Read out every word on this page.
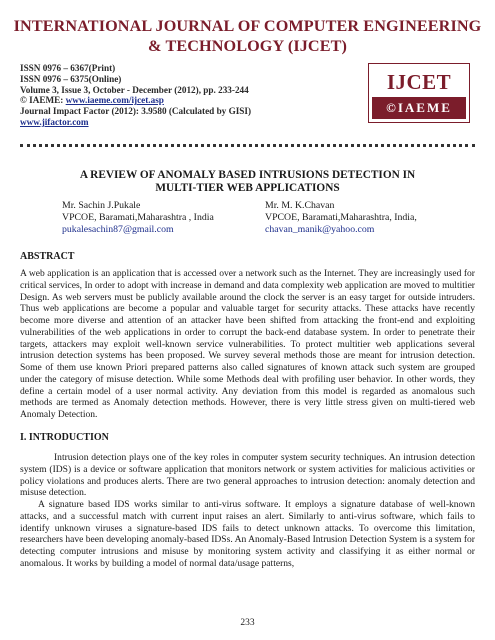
INTERNATIONAL JOURNAL OF COMPUTER ENGINEERING
& TECHNOLOGY (IJCET)
ISSN 0976 – 6367(Print)
ISSN 0976 – 6375(Online)
Volume 3, Issue 3, October - December (2012), pp. 233-244
© IAEME: www.iaeme.com/ijcet.asp
Journal Impact Factor (2012): 3.9580 (Calculated by GISI)
www.jifactor.com
IJCET
©IAEME
A REVIEW OF ANOMALY BASED INTRUSIONS DETECTION IN
MULTI-TIER WEB APPLICATIONS
Mr. Sachin J.Pukale
VPCOE, Baramati,Maharashtra , India
pukalesachin87@gmail.com
Mr. M. K.Chavan
VPCOE, Baramati,Maharashtra, India,
chavan_manik@yahoo.com
ABSTRACT
A web application is an application that is accessed over a network such as the Internet. They are increasingly used for critical services, In order to adopt with increase in demand and data complexity web application are moved to multitier Design. As web servers must be publicly available around the clock the server is an easy target for outside intruders. Thus web applications are become a popular and valuable target for security attacks. These attacks have recently become more diverse and attention of an attacker have been shifted from attacking the front-end and exploiting vulnerabilities of the web applications in order to corrupt the back-end database system. In order to penetrate their targets, attackers may exploit well-known service vulnerabilities. To protect multitier web applications several intrusion detection systems has been proposed. We survey several methods those are meant for intrusion detection. Some of them use known Priori prepared patterns also called signatures of known attack such system are grouped under the category of misuse detection. While some Methods deal with profiling user behavior. In other words, they define a certain model of a user normal activity. Any deviation from this model is regarded as anomalous such methods are termed as Anomaly detection methods. However, there is very little stress given on multi-tiered web Anomaly Detection.
I. INTRODUCTION

Intrusion detection plays one of the key roles in computer system security techniques. An intrusion detection system (IDS) is a device or software application that monitors network or system activities for malicious activities or policy violations and produces alerts. There are two general approaches to intrusion detection: anomaly detection and misuse detection.

A signature based IDS works similar to anti-virus software. It employs a signature database of well-known attacks, and a successful match with current input raises an alert. Similarly to anti-virus software, which fails to identify unknown viruses a signature-based IDS fails to detect unknown attacks. To overcome this limitation, researchers have been developing anomaly-based IDSs. An Anomaly-Based Intrusion Detection System is a system for detecting computer intrusions and misuse by monitoring system activity and classifying it as either normal or anomalous. It works by building a model of normal data/usage patterns,

233
